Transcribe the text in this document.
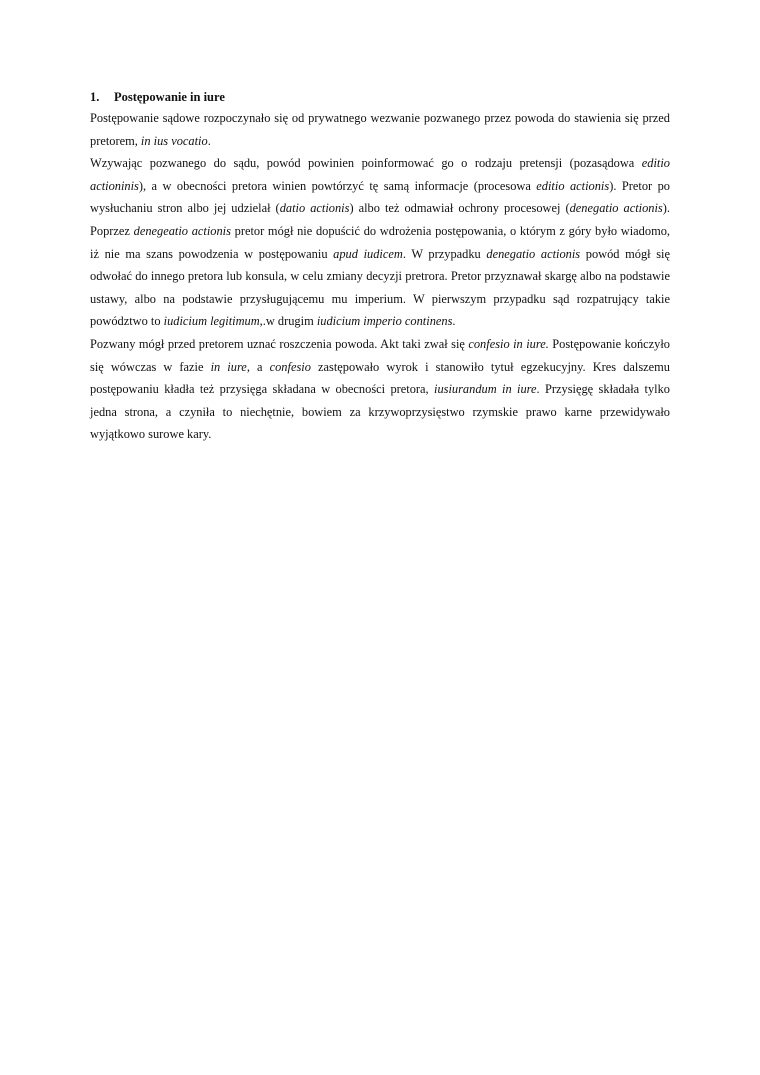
1. Postępowanie in iure

Postępowanie sądowe rozpoczynało się od prywatnego wezwanie pozwanego przez powoda do stawienia się przed pretorem, in ius vocatio.

Wzywając pozwanego do sądu, powód powinien poinformować go o rodzaju pretensji (pozasądowa editio actioninis), a w obecności pretora winien powtórzyć tę samą informacje (procesowa editio actionis). Pretor po wysłuchaniu stron albo jej udzielał (datio actionis) albo też odmawiał ochrony procesowej (denegatio actionis). Poprzez denegeatio actionis pretor mógł nie dopuścić do wdrożenia postępowania, o którym z góry było wiadomo, iż nie ma szans powodzenia w postępowaniu apud iudicem. W przypadku denegatio actionis powód mógł się odwołać do innego pretora lub konsula, w celu zmiany decyzji pretrora. Pretor przyznawał skargę albo na podstawie ustawy, albo na podstawie przysługującemu mu imperium. W pierwszym przypadku sąd rozpatrujący takie powództwo to iudicium legitimum,.w drugim iudicium imperio continens.

Pozwany mógł przed pretorem uznać roszczenia powoda. Akt taki zwał się confesio in iure. Postępowanie kończyło się wówczas w fazie in iure, a confesio zastępowało wyrok i stanowiło tytuł egzekucyjny. Kres dalszemu postępowaniu kładła też przysięga składana w obecności pretora, iusiurandum in iure. Przysięgę składała tylko jedna strona, a czyniła to niechętnie, bowiem za krzywoprzysięstwo rzymskie prawo karne przewidywało wyjątkowo surowe kary.
